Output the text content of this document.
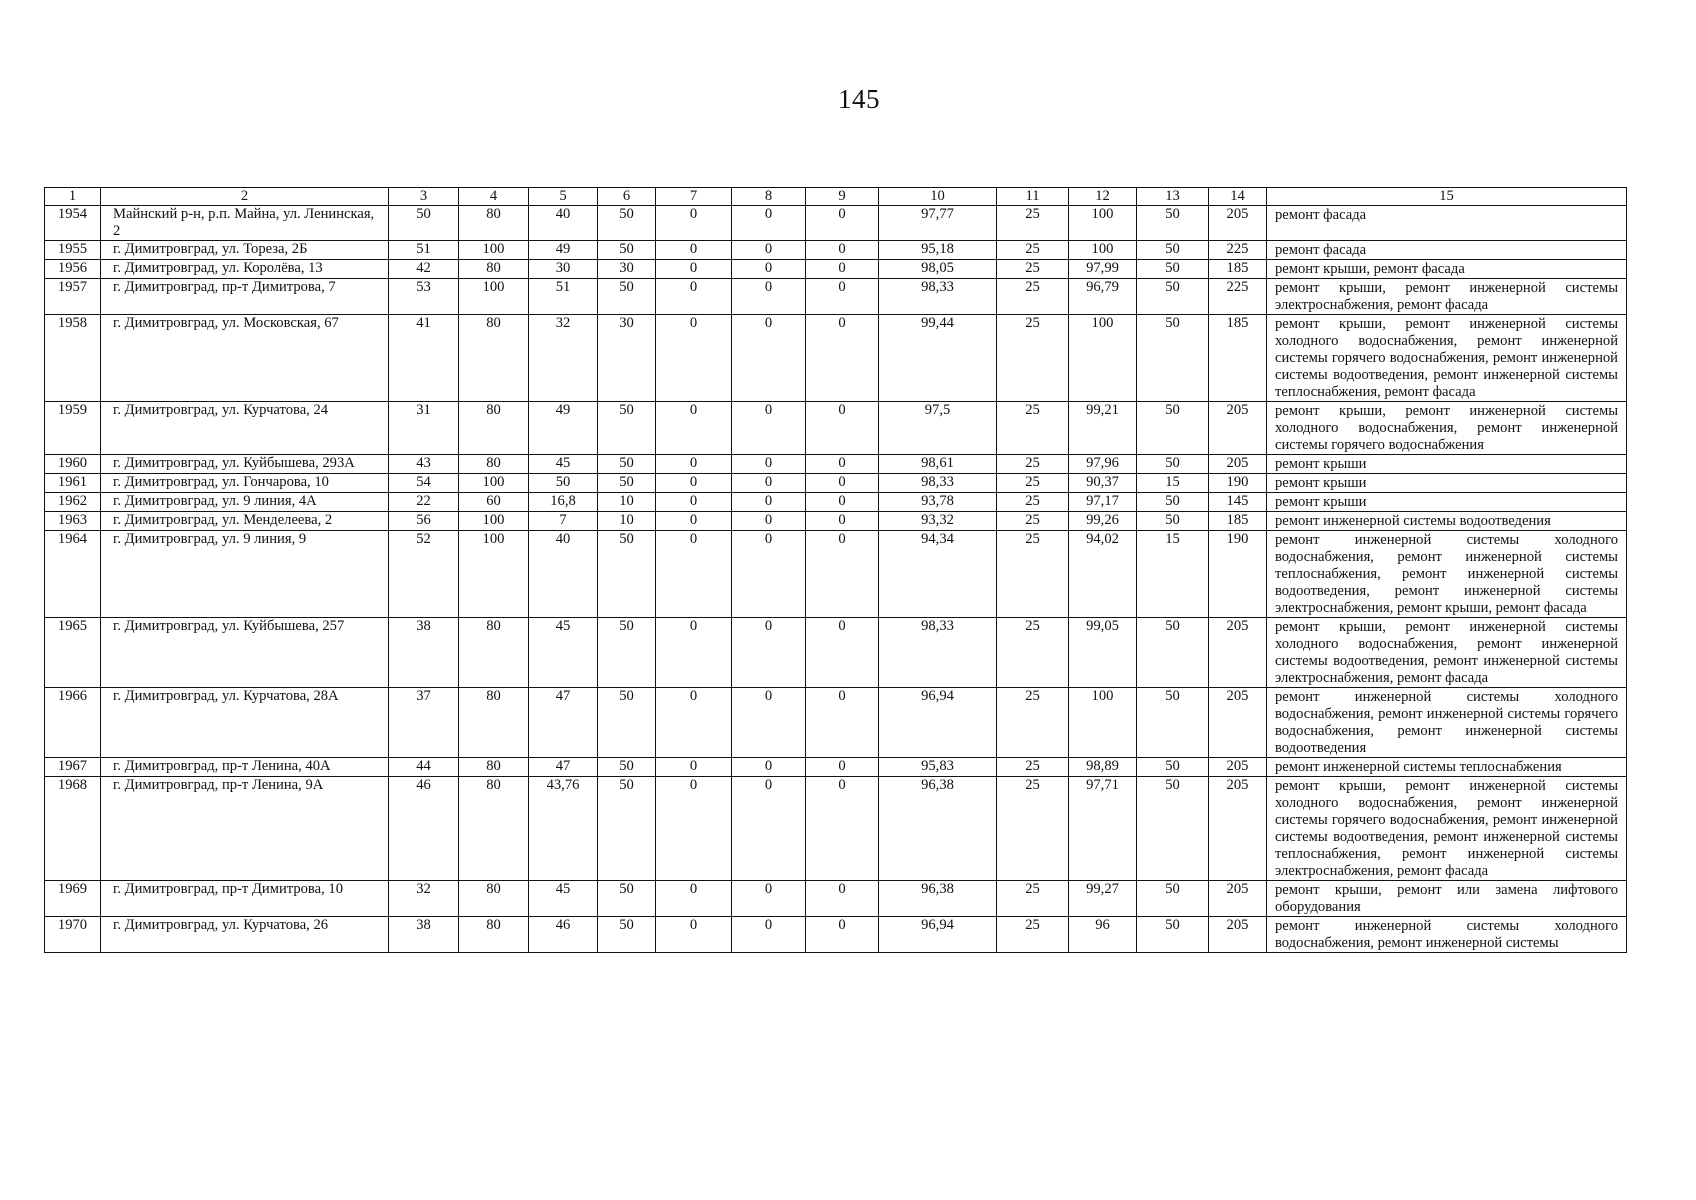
145
1	2	3	4	5	6	7	8	9	10	11	12	13	14	15
1954	Майнский р-н, р.п. Майна, ул. Ленинская, 2	50	80	40	50	0	0	0	97,77	25	100	50	205	ремонт фасада
1955	г. Димитровград, ул. Тореза, 2Б	51	100	49	50	0	0	0	95,18	25	100	50	225	ремонт фасада
1956	г. Димитровград, ул. Королёва, 13	42	80	30	30	0	0	0	98,05	25	97,99	50	185	ремонт крыши, ремонт фасада
1957	г. Димитровград, пр-т Димитрова, 7	53	100	51	50	0	0	0	98,33	25	96,79	50	225	ремонт крыши, ремонт инженерной системы электроснабжения, ремонт фасада
1958	г. Димитровград, ул. Московская, 67	41	80	32	30	0	0	0	99,44	25	100	50	185	ремонт крыши, ремонт инженерной системы холодного водоснабжения, ремонт инженерной системы горячего водоснабжения, ремонт инженерной системы водоотведения, ремонт инженерной системы теплоснабжения, ремонт фасада
1959	г. Димитровград, ул. Курчатова, 24	31	80	49	50	0	0	0	97,5	25	99,21	50	205	ремонт крыши, ремонт инженерной системы холодного водоснабжения, ремонт инженерной системы горячего водоснабжения
1960	г. Димитровград, ул. Куйбышева, 293А	43	80	45	50	0	0	0	98,61	25	97,96	50	205	ремонт крыши
1961	г. Димитровград, ул. Гончарова, 10	54	100	50	50	0	0	0	98,33	25	90,37	15	190	ремонт крыши
1962	г. Димитровград, ул. 9 линия, 4А	22	60	16,8	10	0	0	0	93,78	25	97,17	50	145	ремонт крыши
1963	г. Димитровград, ул. Менделеева, 2	56	100	7	10	0	0	0	93,32	25	99,26	50	185	ремонт инженерной системы водоотведения
1964	г. Димитровград, ул. 9 линия, 9	52	100	40	50	0	0	0	94,34	25	94,02	15	190	ремонт инженерной системы холодного водоснабжения, ремонт инженерной системы теплоснабжения, ремонт инженерной системы водоотведения, ремонт инженерной системы электроснабжения, ремонт крыши, ремонт фасада
1965	г. Димитровград, ул. Куйбышева, 257	38	80	45	50	0	0	0	98,33	25	99,05	50	205	ремонт крыши, ремонт инженерной системы холодного водоснабжения, ремонт инженерной системы водоотведения, ремонт инженерной системы электроснабжения, ремонт фасада
1966	г. Димитровград, ул. Курчатова, 28А	37	80	47	50	0	0	0	96,94	25	100	50	205	ремонт инженерной системы холодного водоснабжения, ремонт инженерной системы горячего водоснабжения, ремонт инженерной системы водоотведения
1967	г. Димитровград, пр-т Ленина, 40А	44	80	47	50	0	0	0	95,83	25	98,89	50	205	ремонт инженерной системы теплоснабжения
1968	г. Димитровград, пр-т Ленина, 9А	46	80	43,76	50	0	0	0	96,38	25	97,71	50	205	ремонт крыши, ремонт инженерной системы холодного водоснабжения, ремонт инженерной системы горячего водоснабжения, ремонт инженерной системы водоотведения, ремонт инженерной системы теплоснабжения, ремонт инженерной системы электроснабжения, ремонт фасада
1969	г. Димитровград, пр-т Димитрова, 10	32	80	45	50	0	0	0	96,38	25	99,27	50	205	ремонт крыши, ремонт или замена лифтового оборудования
1970	г. Димитровград, ул. Курчатова, 26	38	80	46	50	0	0	0	96,94	25	96	50	205	ремонт инженерной системы холодного водоснабжения, ремонт инженерной системы
